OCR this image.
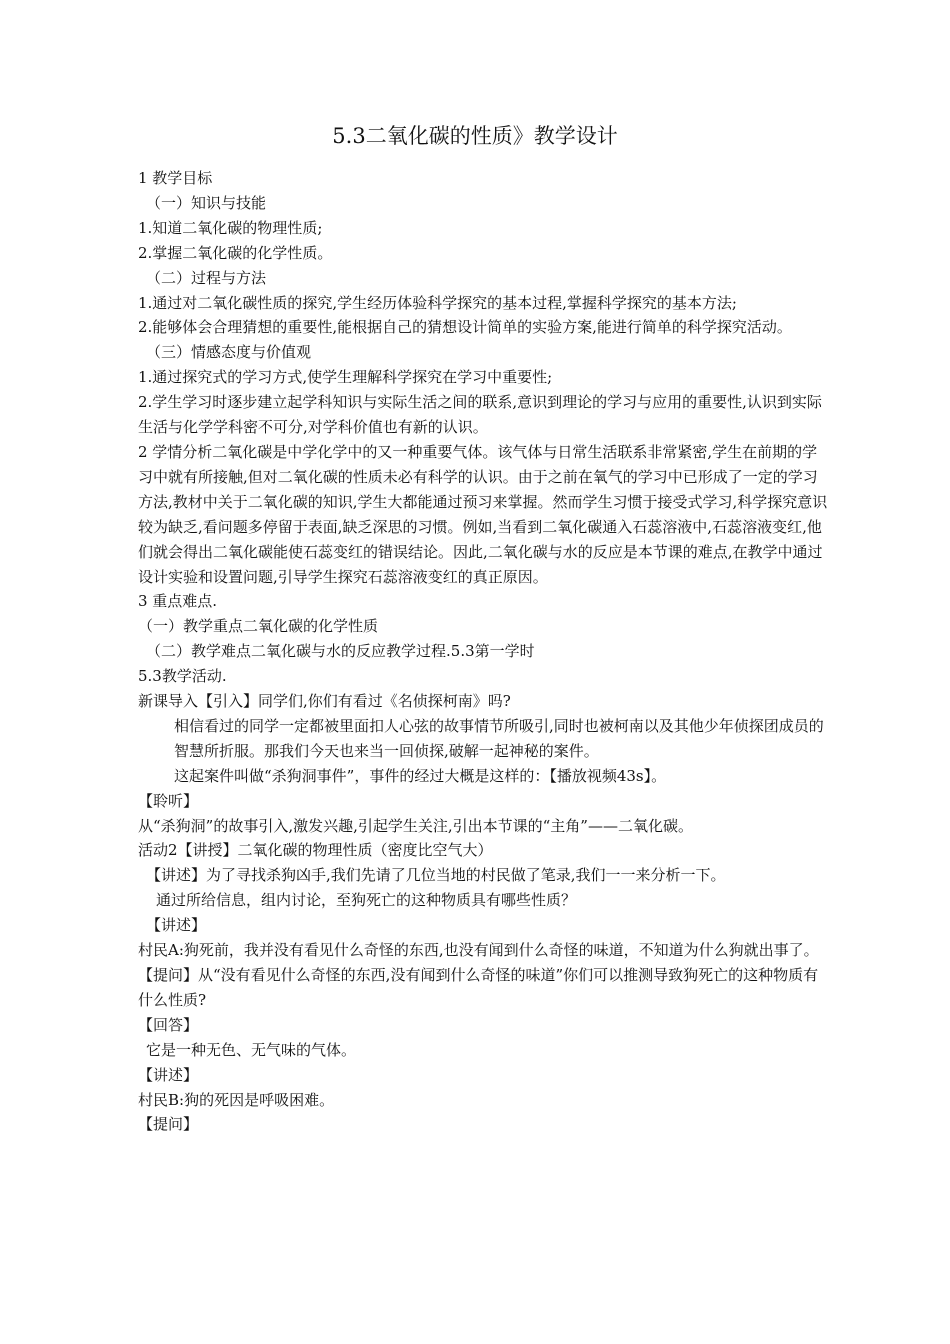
5.3二氧化碳的性质》教学设计

1 教学目标

（一）知识与技能

1.知道二氧化碳的物理性质;

2.掌握二氧化碳的化学性质。

（二）过程与方法

1.通过对二氧化碳性质的探究,学生经历体验科学探究的基本过程,掌握科学探究的基本方法;

2.能够体会合理猜想的重要性,能根据自己的猜想设计简单的实验方案,能进行简单的科学探究活动。

（三）情感态度与价值观

1.通过探究式的学习方式,使学生理解科学探究在学习中重要性;

2.学生学习时逐步建立起学科知识与实际生活之间的联系,意识到理论的学习与应用的重要性,认识到实际生活与化学学科密不可分,对学科价值也有新的认识。

2 学情分析二氧化碳是中学化学中的又一种重要气体。该气体与日常生活联系非常紧密,学生在前期的学习中就有所接触,但对二氧化碳的性质未必有科学的认识。由于之前在氧气的学习中已形成了一定的学习方法,教材中关于二氧化碳的知识,学生大都能通过预习来掌握。然而学生习惯于接受式学习,科学探究意识较为缺乏,看问题多停留于表面,缺乏深思的习惯。例如,当看到二氧化碳通入石蕊溶液中,石蕊溶液变红,他们就会得出二氧化碳能使石蕊变红的错误结论。因此,二氧化碳与水的反应是本节课的难点,在教学中通过设计实验和设置问题,引导学生探究石蕊溶液变红的真正原因。

3 重点难点.

（一）教学重点二氧化碳的化学性质

（二）教学难点二氧化碳与水的反应教学过程.5.3第一学时

5.3教学活动.

新课导入【引入】同学们,你们有看过《名侦探柯南》吗?

相信看过的同学一定都被里面扣人心弦的故事情节所吸引,同时也被柯南以及其他少年侦探团成员的智慧所折服。那我们今天也来当一回侦探,破解一起神秘的案件。

这起案件叫做“杀狗洞事件”，事件的经过大概是这样的：【播放视频43s】。

【聆听】

从“杀狗洞”的故事引入,激发兴趣,引起学生关注,引出本节课的“主角”——二氧化碳。

活动2【讲授】二氧化碳的物理性质（密度比空气大）

【讲述】为了寻找杀狗凶手,我们先请了几位当地的村民做了笔录,我们一一来分析一下。

通过所给信息，组内讨论，至狗死亡的这种物质具有哪些性质？

【讲述】

村民A:狗死前，我并没有看见什么奇怪的东西,也没有闻到什么奇怪的味道，不知道为什么狗就出事了。

【提问】从“没有看见什么奇怪的东西,没有闻到什么奇怪的味道”你们可以推测导致狗死亡的这种物质有什么性质?

【回答】

它是一种无色、无气味的气体。

【讲述】

村民B:狗的死因是呼吸困难。

【提问】
